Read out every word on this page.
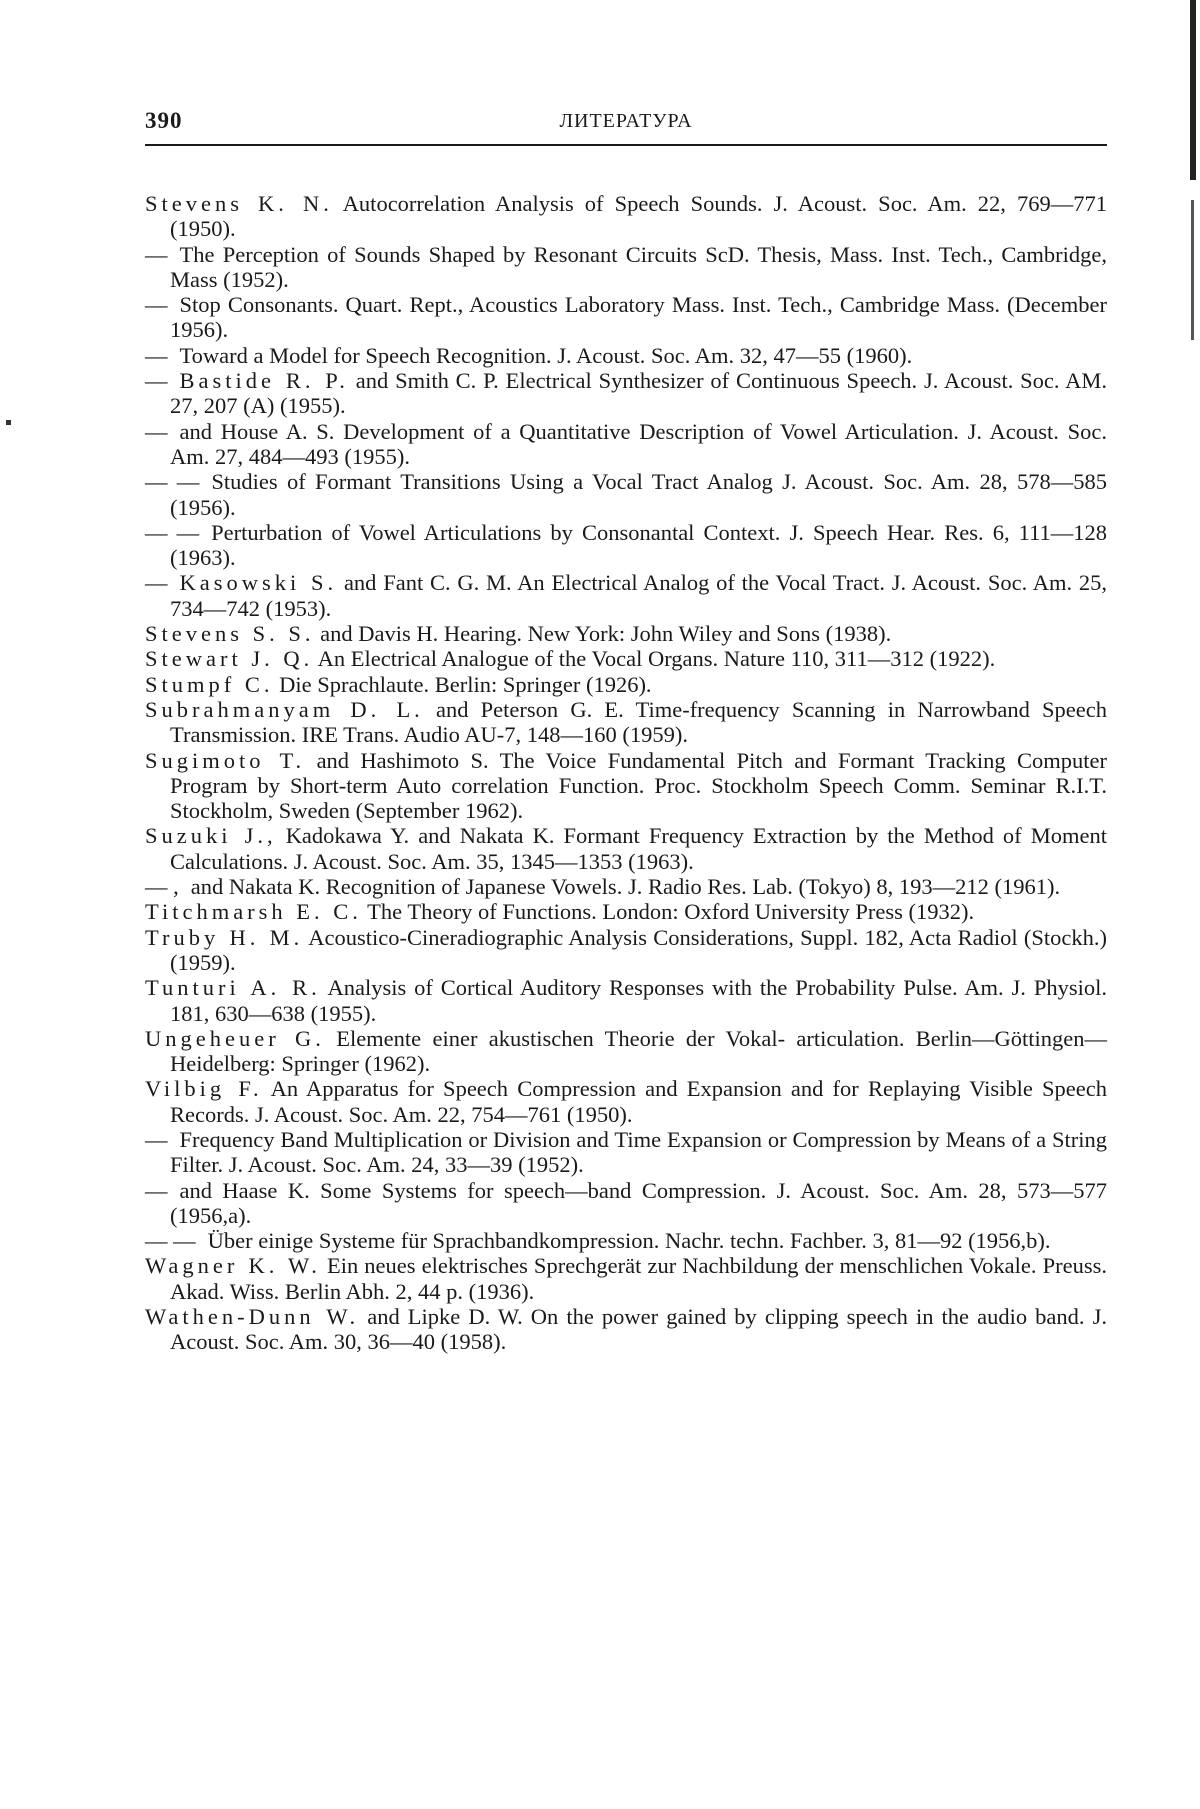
390	ЛИТЕРАТУРА

Stevens K. N. Autocorrelation Analysis of Speech Sounds. J. Acoust. Soc. Am. 22, 769—771 (1950).

— The Perception of Sounds Shaped by Resonant Circuits ScD. Thesis, Mass. Inst. Tech., Cambridge, Mass (1952).

— Stop Consonants. Quart. Rept., Acoustics Laboratory Mass. Inst. Tech., Cambridge Mass. (December 1956).

— Toward a Model for Speech Recognition. J. Acoust. Soc. Am. 32, 47—55 (1960).

— Bastide R. P. and Smith C. P. Electrical Synthesizer of Continuous Speech. J. Acoust. Soc. AM. 27, 207 (A) (1955).

— and House A. S. Development of a Quantitative Description of Vowel Articulation. J. Acoust. Soc. Am. 27, 484—493 (1955).

— — Studies of Formant Transitions Using a Vocal Tract Analog J. Acoust. Soc. Am. 28, 578—585 (1956).

— — Perturbation of Vowel Articulations by Consonantal Context. J. Speech Hear. Res. 6, 111—128 (1963).

— Kasowski S. and Fant C. G. M. An Electrical Analog of the Vocal Tract. J. Acoust. Soc. Am. 25, 734—742 (1953).

Stevens S. S. and Davis H. Hearing. New York: John Wiley and Sons (1938).

Stewart J. Q. An Electrical Analogue of the Vocal Organs. Nature 110, 311—312 (1922).

Stumpf C. Die Sprachlaute. Berlin: Springer (1926).

Subrahmanyam D. L. and Peterson G. E. Time-frequency Scanning in Narrowband Speech Transmission. IRE Trans. Audio AU-7, 148—160 (1959).

Sugimoto T. and Hashimoto S. The Voice Fundamental Pitch and Formant Tracking Computer Program by Short-term Auto correlation Function. Proc. Stockholm Speech Comm. Seminar R.I.T. Stockholm, Sweden (September 1962).

Suzuki J., Kadokawa Y. and Nakata K. Formant Frequency Extraction by the Method of Moment Calculations. J. Acoust. Soc. Am. 35, 1345—1353 (1963).

— , and Nakata K. Recognition of Japanese Vowels. J. Radio Res. Lab. (Tokyo) 8, 193—212 (1961).

Titchmarsh E. C. The Theory of Functions. London: Oxford University Press (1932).

Truby H. M. Acoustico-Cineradiographic Analysis Considerations, Suppl. 182, Acta Radiol (Stockh.) (1959).

Tunturi A. R. Analysis of Cortical Auditory Responses with the Probability Pulse. Am. J. Physiol. 181, 630—638 (1955).

Ungeheuer G. Elemente einer akustischen Theorie der Vokal- articulation. Berlin—Göttingen—Heidelberg: Springer (1962).

Vilbig F. An Apparatus for Speech Compression and Expansion and for Replaying Visible Speech Records. J. Acoust. Soc. Am. 22, 754—761 (1950).

— Frequency Band Multiplication or Division and Time Expansion or Compression by Means of a String Filter. J. Acoust. Soc. Am. 24, 33—39 (1952).

— and Haase K. Some Systems for speech—band Compression. J. Acoust. Soc. Am. 28, 573—577 (1956,a).

— — Über einige Systeme für Sprachbandkompression. Nachr. techn. Fachber. 3, 81—92 (1956,b).

Wagner K. W. Ein neues elektrisches Sprechgerät zur Nachbildung der menschlichen Vokale. Preuss. Akad. Wiss. Berlin Abh. 2, 44 p. (1936).

Wathen-Dunn W. and Lipke D. W. On the power gained by clipping speech in the audio band. J. Acoust. Soc. Am. 30, 36—40 (1958).
